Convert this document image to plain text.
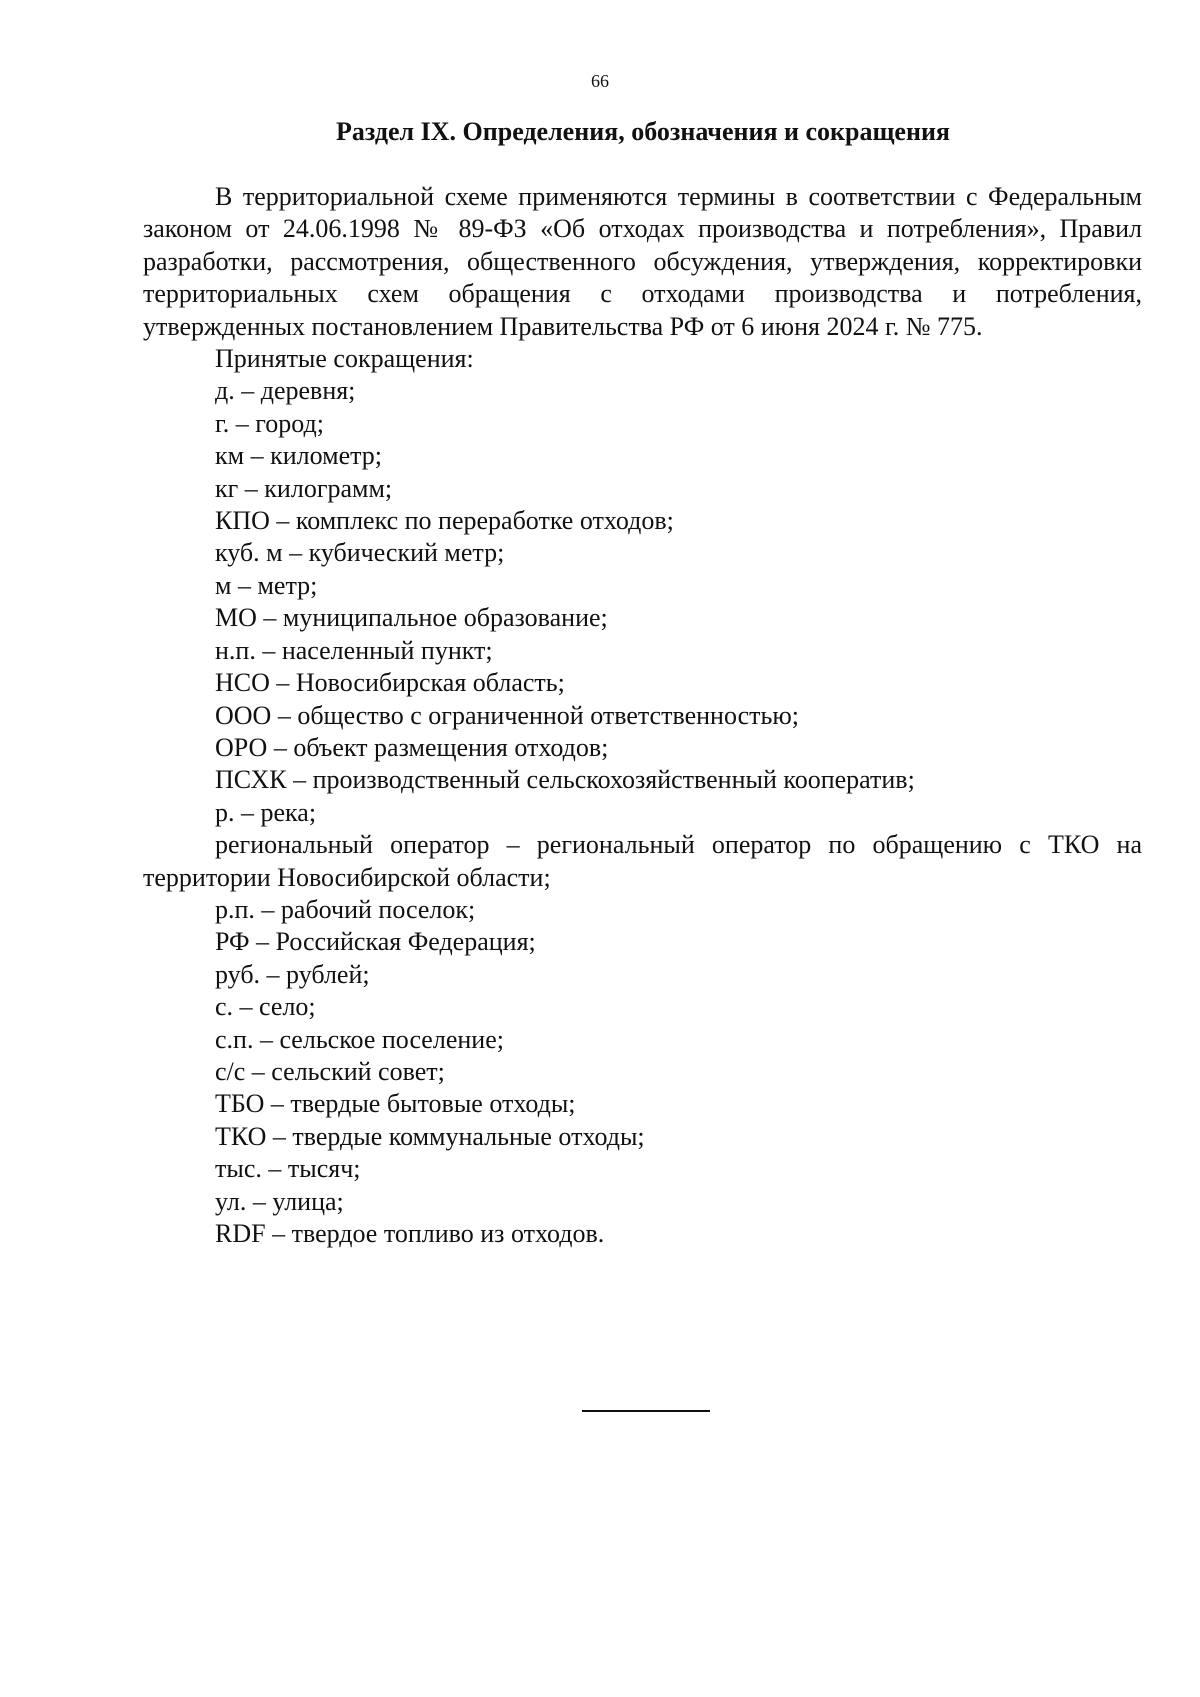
66
Раздел IX. Определения, обозначения и сокращения

В территориальной схеме применяются термины в соответствии с Федеральным законом от 24.06.1998 № 89-ФЗ «Об отходах производства и потребления», Правил разработки, рассмотрения, общественного обсуждения, утверждения, корректировки территориальных схем обращения с отходами производства и потребления, утвержденных постановлением Правительства РФ от 6 июня 2024 г. № 775.

Принятые сокращения:

д. – деревня;
г. – город;
км – километр;
кг – килограмм;
КПО – комплекс по переработке отходов;
куб. м – кубический метр;
м – метр;
МО – муниципальное образование;
н.п. – населенный пункт;
НСО – Новосибирская область;
ООО – общество с ограниченной ответственностью;
ОРО – объект размещения отходов;
ПСХК – производственный сельскохозяйственный кооператив;
р. – река;
региональный оператор – региональный оператор по обращению с ТКО на территории Новосибирской области;
р.п. – рабочий поселок;
РФ – Российская Федерация;
руб. – рублей;
с. – село;
с.п. – сельское поселение;
с/с – сельский совет;
ТБО – твердые бытовые отходы;
ТКО – твердые коммунальные отходы;
тыс. – тысяч;
ул. – улица;
RDF – твердое топливо из отходов.
